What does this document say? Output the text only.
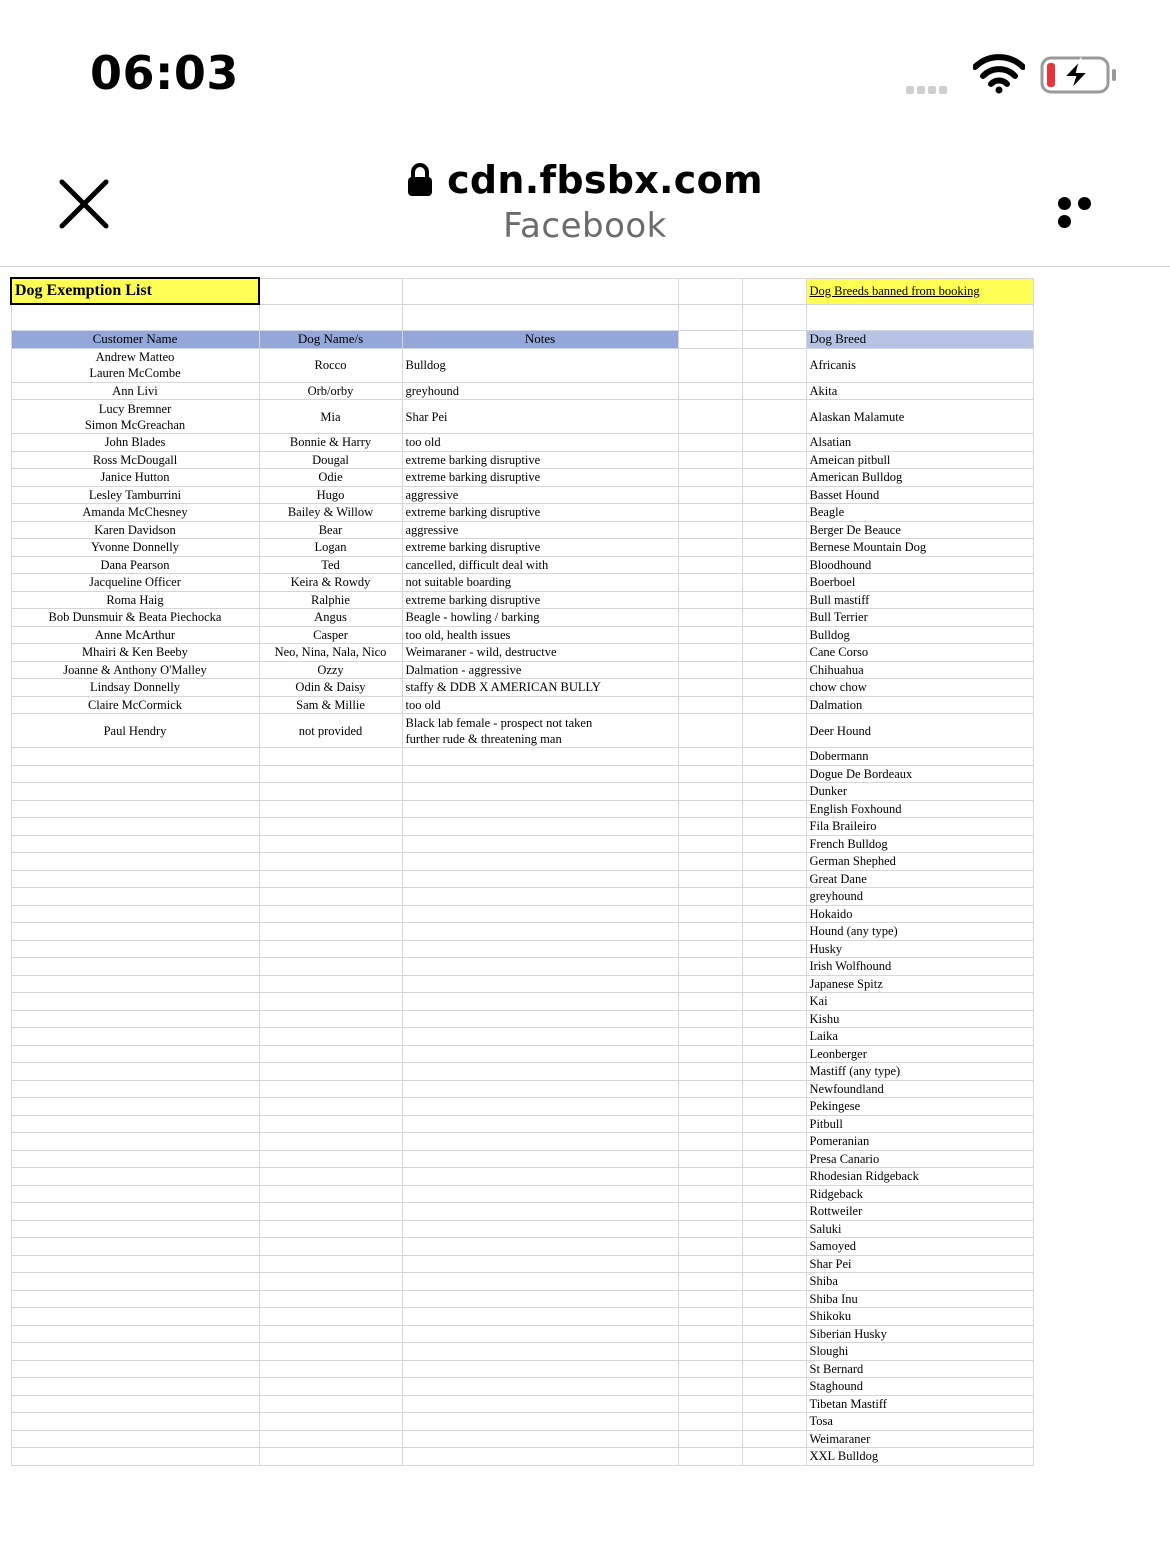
06:03
cdn.fbsbx.com
Facebook
Dog Exemption List					Dog Breeds banned from booking

Customer Name	Dog Name/s	Notes			Dog Breed
Andrew Matteo
Lauren McCombe	Rocco	Bulldog			Africanis
Ann Livi	Orb/orby	greyhound			Akita
Lucy Bremner
Simon McGreachan	Mia	Shar Pei			Alaskan Malamute
John Blades	Bonnie & Harry	too old			Alsatian
Ross McDougall	Dougal	extreme barking disruptive			Ameican pitbull
Janice Hutton	Odie	extreme barking disruptive			American Bulldog
Lesley Tamburrini	Hugo	aggressive			Basset Hound
Amanda McChesney	Bailey & Willow	extreme barking disruptive			Beagle
Karen Davidson	Bear	aggressive			Berger De Beauce
Yvonne Donnelly	Logan	extreme barking disruptive			Bernese Mountain Dog
Dana Pearson	Ted	cancelled, difficult deal with			Bloodhound
Jacqueline Officer	Keira & Rowdy	not suitable boarding			Boerboel
Roma Haig	Ralphie	extreme barking disruptive			Bull mastiff
Bob Dunsmuir & Beata Piechocka	Angus	Beagle - howling / barking			Bull Terrier
Anne McArthur	Casper	too old, health issues			Bulldog
Mhairi & Ken Beeby	Neo, Nina, Nala, Nico	Weimaraner - wild, destructve			Cane Corso
Joanne & Anthony O'Malley	Ozzy	Dalmation - aggressive			Chihuahua
Lindsay Donnelly	Odin & Daisy	staffy & DDB X AMERICAN BULLY			chow chow
Claire McCormick	Sam & Millie	too old			Dalmation
Paul Hendry	not provided	Black lab female - prospect not taken
further rude & threatening man			Deer Hound
					Dobermann
					Dogue De Bordeaux
					Dunker
					English Foxhound
					Fila Braileiro
					French Bulldog
					German Shephed
					Great Dane
					greyhound
					Hokaido
					Hound (any type)
					Husky
					Irish Wolfhound
					Japanese Spitz
					Kai
					Kishu
					Laika
					Leonberger
					Mastiff (any type)
					Newfoundland
					Pekingese
					Pitbull
					Pomeranian
					Presa Canario
					Rhodesian Ridgeback
					Ridgeback
					Rottweiler
					Saluki
					Samoyed
					Shar Pei
					Shiba
					Shiba Inu
					Shikoku
					Siberian Husky
					Sloughi
					St Bernard
					Staghound
					Tibetan Mastiff
					Tosa
					Weimaraner
					XXL Bulldog
